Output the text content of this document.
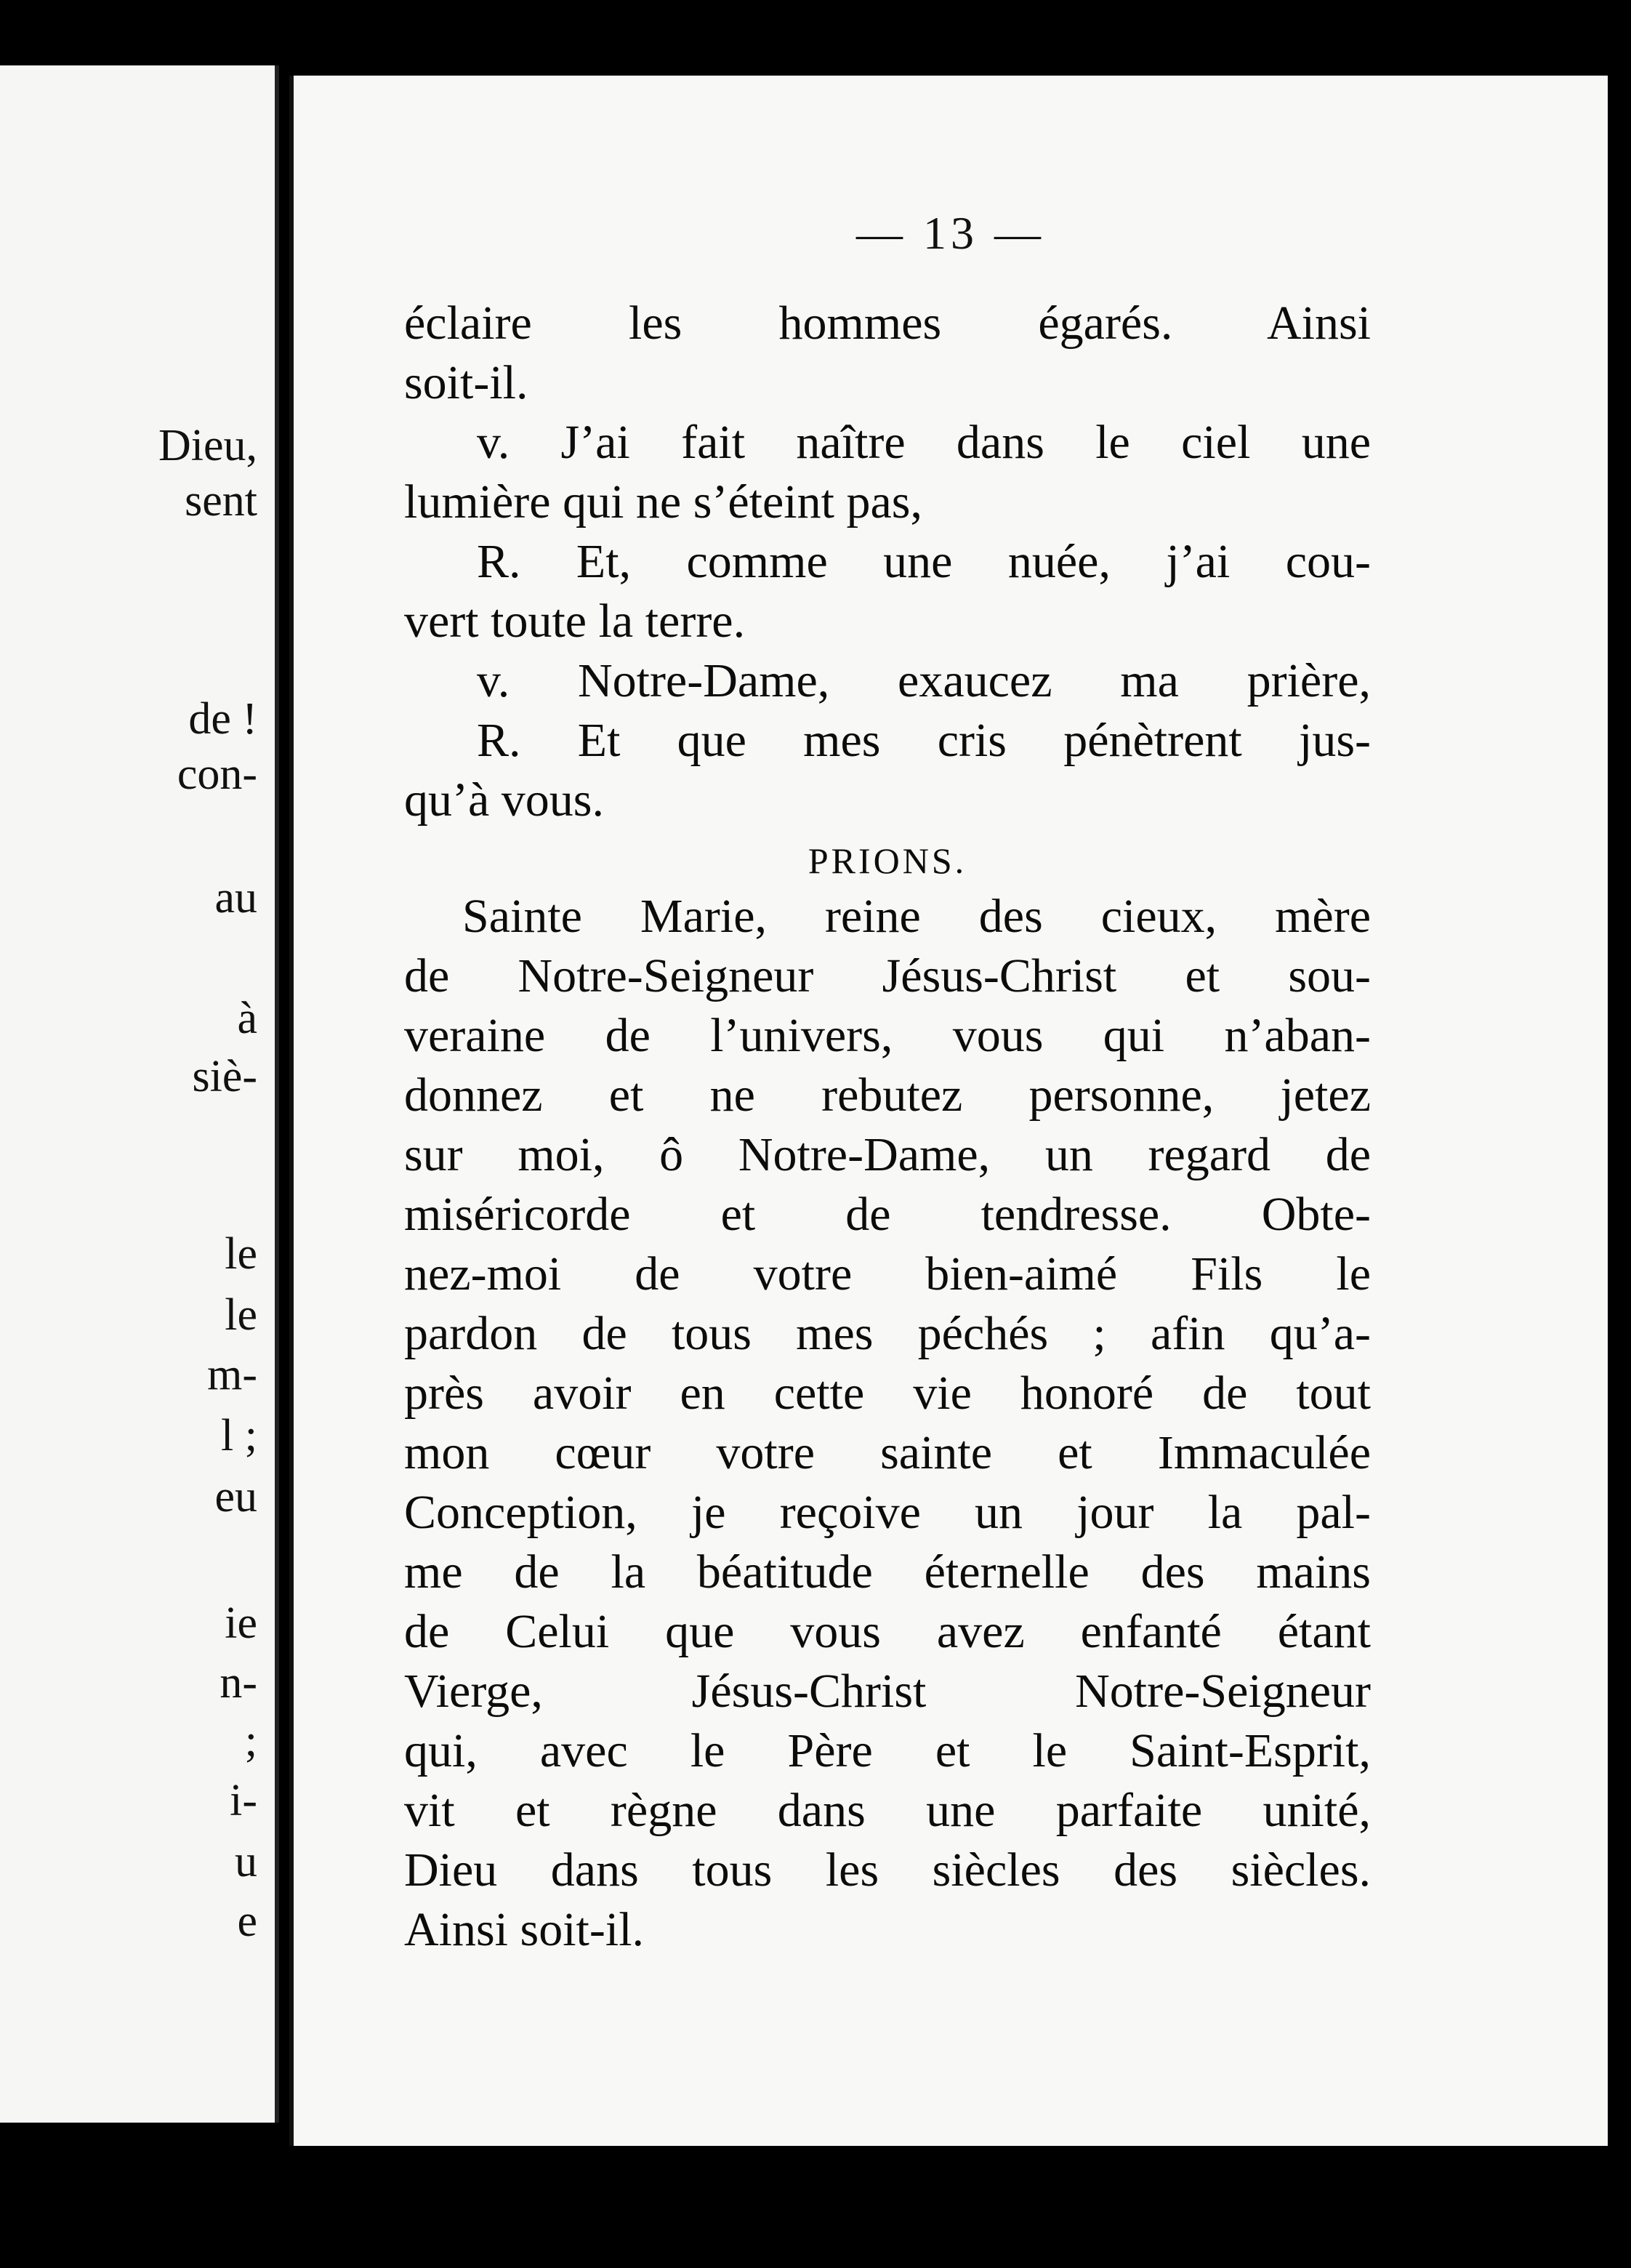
Dieu,
sent
de !
con-
au
à
siè-
le
le
m-
l ;
eu
ie
n-
;
i-
u
e
— 13 —
éclaire les hommes égarés. Ainsi
soit-il.
v. J’ai fait naître dans le ciel une
lumière qui ne s’éteint pas,
R. Et, comme une nuée, j’ai cou-
vert toute la terre.
v. Notre-Dame, exaucez ma prière,
R. Et que mes cris pénètrent jus-
qu’à vous.
PRIONS.
Sainte Marie, reine des cieux, mère
de Notre-Seigneur Jésus-Christ et sou-
veraine de l’univers, vous qui n’aban-
donnez et ne rebutez personne, jetez
sur moi, ô Notre-Dame, un regard de
miséricorde et de tendresse. Obte-
nez-moi de votre bien-aimé Fils le
pardon de tous mes péchés ; afin qu’a-
près avoir en cette vie honoré de tout
mon cœur votre sainte et Immaculée
Conception, je reçoive un jour la pal-
me de la béatitude éternelle des mains
de Celui que vous avez enfanté étant
Vierge, Jésus-Christ Notre-Seigneur
qui, avec le Père et le Saint-Esprit,
vit et règne dans une parfaite unité,
Dieu dans tous les siècles des siècles.
Ainsi soit-il.
